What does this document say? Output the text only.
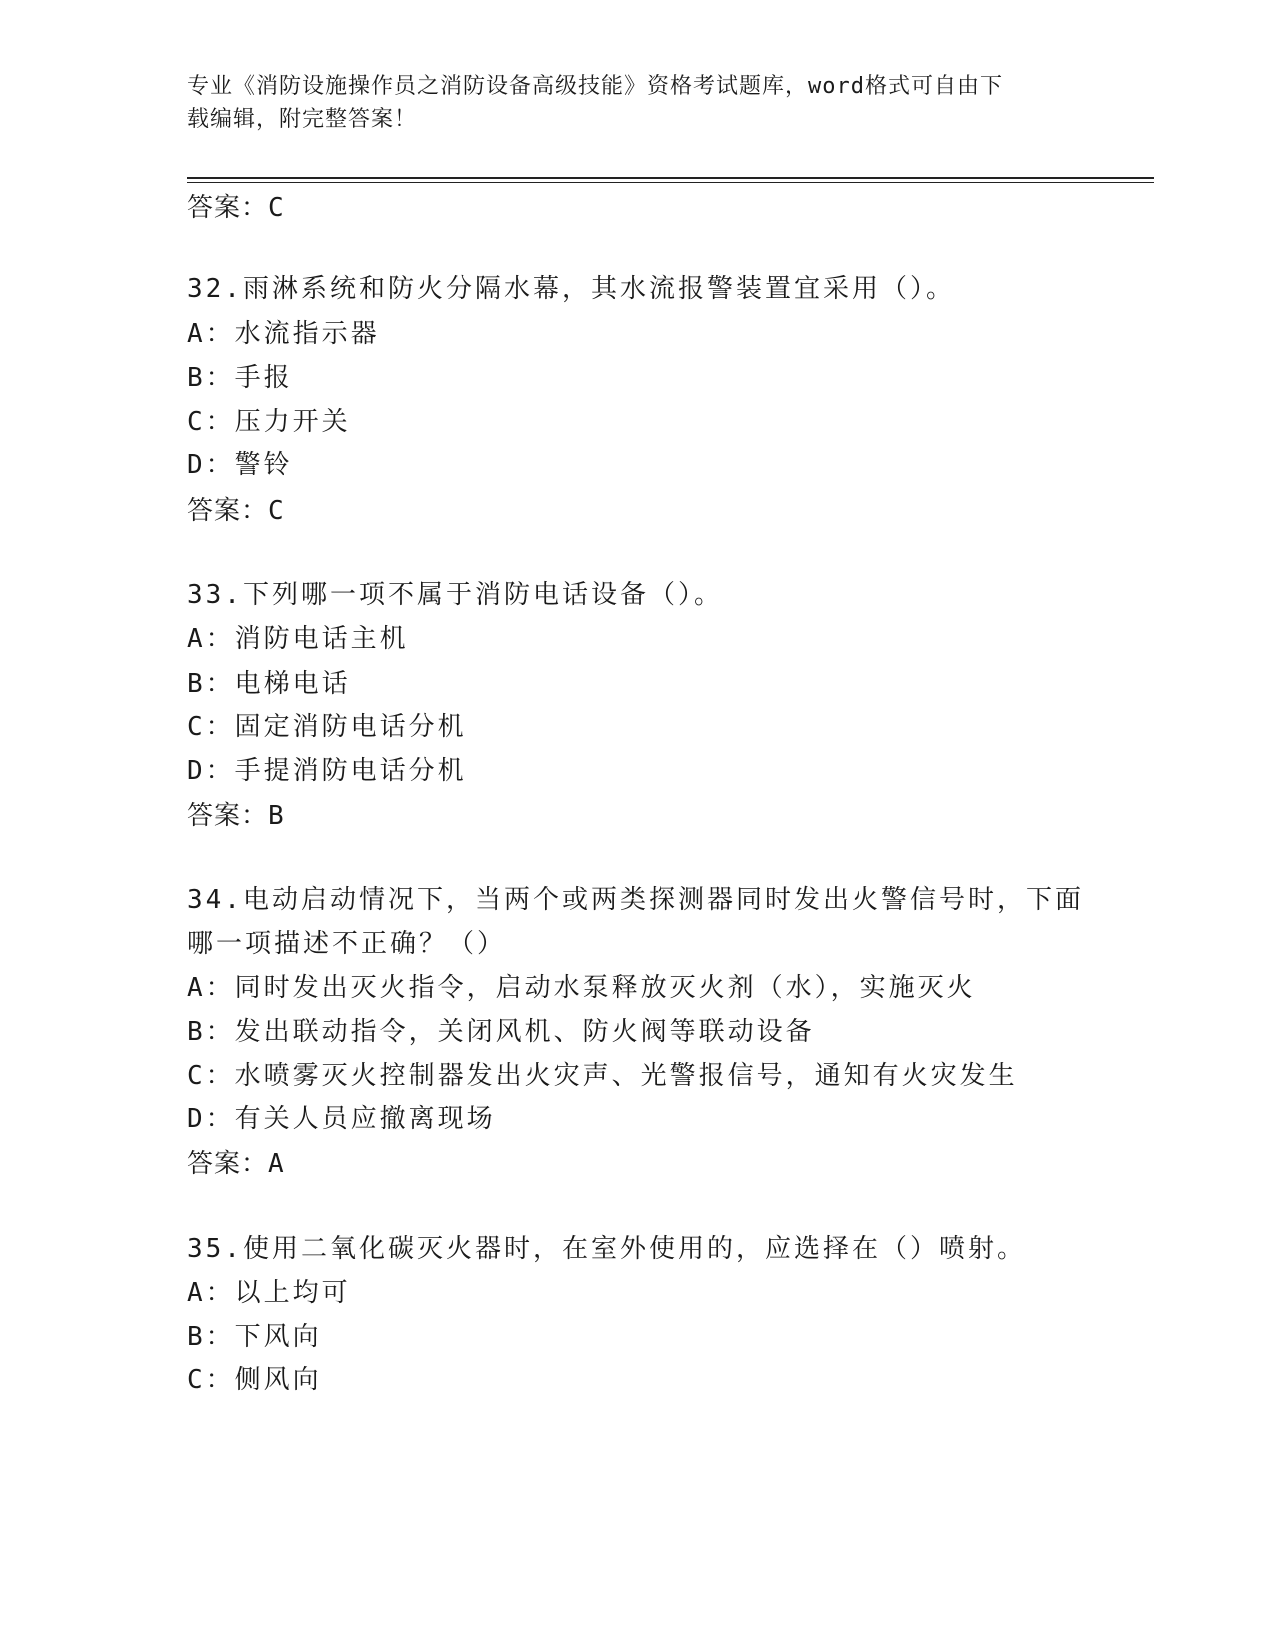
专业《消防设施操作员之消防设备高级技能》资格考试题库，word格式可自由下
载编辑，附完整答案！
答案：C
32.雨淋系统和防火分隔水幕，其水流报警装置宜采用（）。
A：水流指示器
B：手报
C：压力开关
D：警铃
答案：C
33.下列哪一项不属于消防电话设备（）。
A：消防电话主机
B：电梯电话
C：固定消防电话分机
D：手提消防电话分机
答案：B
34.电动启动情况下，当两个或两类探测器同时发出火警信号时，下面
哪一项描述不正确？（）
A：同时发出灭火指令，启动水泵释放灭火剂（水），实施灭火
B：发出联动指令，关闭风机、防火阀等联动设备
C：水喷雾灭火控制器发出火灾声、光警报信号，通知有火灾发生
D：有关人员应撤离现场
答案：A
35.使用二氧化碳灭火器时，在室外使用的，应选择在（）喷射。
A：以上均可
B：下风向
C：侧风向
